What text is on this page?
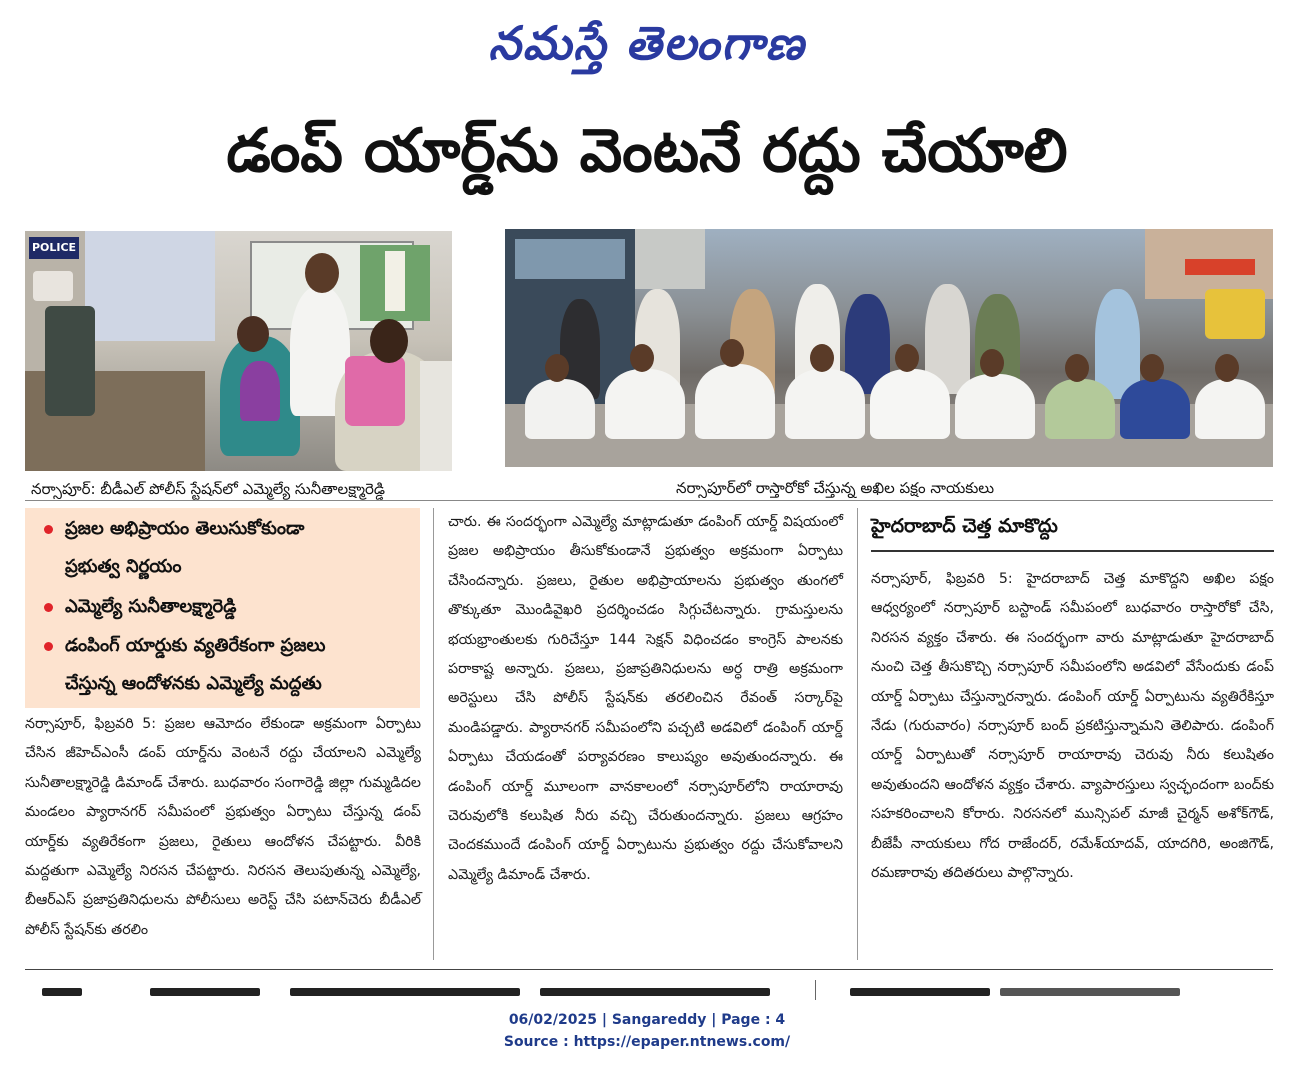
నమస్తే తెలంగాణ
డంప్ యార్డ్‌ను వెంటనే రద్దు చేయాలి
POLICE
నర్సాపూర్: బీడీఎల్ పోలీస్ స్టేషన్‌లో ఎమ్మెల్యే సునీతాలక్ష్మారెడ్డి	నర్సాపూర్‌లో రాస్తారోకో చేస్తున్న అఖిల పక్షం నాయకులు
ప్రజల అభిప్రాయం తెలుసుకోకుండా
ప్రభుత్వ నిర్ణయం
ఎమ్మెల్యే సునీతాలక్ష్మారెడ్డి
డంపింగ్ యార్డుకు వ్యతిరేకంగా ప్రజలు
చేస్తున్న ఆందోళనకు ఎమ్మెల్యే మద్దతు
నర్సాపూర్, ఫిబ్రవరి 5: ప్రజల ఆమోదం లేకుండా అక్రమంగా ఏర్పాటు చేసిన జీహెచ్‌ఎంసీ డంప్ యార్డ్‌ను వెంటనే రద్దు చేయాలని ఎమ్మెల్యే సునీతాలక్ష్మారెడ్డి డిమాండ్ చేశారు. బుధవారం సంగారెడ్డి జిల్లా గుమ్మడిదల మండలం ప్యారానగర్ సమీపంలో ప్రభుత్వం ఏర్పాటు చేస్తున్న డంప్ యార్డ్‌కు వ్యతిరేకంగా ప్రజలు, రైతులు ఆందోళన చేపట్టారు. వీరికి మద్దతుగా ఎమ్మెల్యే నిరసన చేపట్టారు. నిరసన తెలుపుతున్న ఎమ్మెల్యే, బీఆర్‌ఎస్ ప్రజాప్రతినిధులను పోలీసులు అరెస్ట్ చేసి పటాన్‌చెరు బీడీఎల్ పోలీస్ స్టేషన్‌కు తరలిం
చారు. ఈ సందర్భంగా ఎమ్మెల్యే మాట్లాడుతూ డంపింగ్ యార్డ్ విషయంలో ప్రజల అభిప్రాయం తీసుకోకుండానే ప్రభుత్వం అక్రమంగా ఏర్పాటు చేసిందన్నారు. ప్రజలు, రైతుల అభిప్రాయాలను ప్రభుత్వం తుంగలో తొక్కుతూ మొండివైఖరి ప్రదర్శించడం సిగ్గుచేటన్నారు. గ్రామస్తులను భయభ్రాంతులకు గురిచేస్తూ 144 సెక్షన్ విధించడం కాంగ్రెస్ పాలనకు పరాకాష్ట అన్నారు. ప్రజలు, ప్రజాప్రతినిధులను అర్ధ రాత్రి అక్రమంగా అరెస్టులు చేసి పోలీస్ స్టేషన్‌కు తరలించిన రేవంత్ సర్కార్‌పై మండిపడ్డారు. ప్యారానగర్ సమీపంలోని పచ్చటి అడవిలో డంపింగ్ యార్డ్ ఏర్పాటు చేయడంతో పర్యావరణం కాలుష్యం అవుతుందన్నారు. ఈ డంపింగ్ యార్డ్ మూలంగా వానకాలంలో నర్సాపూర్‌లోని రాయారావు చెరువులోకి కలుషిత నీరు వచ్చి చేరుతుందన్నారు. ప్రజలు ఆగ్రహం చెందకముందే డంపింగ్ యార్డ్ ఏర్పాటును ప్రభుత్వం రద్దు చేసుకోవాలని ఎమ్మెల్యే డిమాండ్ చేశారు.
హైదరాబాద్ చెత్త మాకొద్దు
నర్సాపూర్, ఫిబ్రవరి 5: హైదరాబాద్ చెత్త మాకొద్దని అఖిల పక్షం ఆధ్వర్యంలో నర్సాపూర్ బస్టాండ్ సమీపంలో బుధవారం రాస్తారోకో చేసి, నిరసన వ్యక్తం చేశారు. ఈ సందర్భంగా వారు మాట్లాడుతూ హైదరాబాద్ నుంచి చెత్త తీసుకొచ్చి నర్సాపూర్ సమీపంలోని అడవిలో వేసేందుకు డంప్ యార్డ్ ఏర్పాటు చేస్తున్నారన్నారు. డంపింగ్ యార్డ్ ఏర్పాటును వ్యతిరేకిస్తూ నేడు (గురువారం) నర్సాపూర్ బంద్ ప్రకటిస్తున్నామని తెలిపారు. డంపింగ్ యార్డ్ ఏర్పాటుతో నర్సాపూర్ రాయారావు చెరువు నీరు కలుషితం అవుతుందని ఆందోళన వ్యక్తం చేశారు. వ్యాపారస్తులు స్వచ్ఛందంగా బంద్‌కు సహకరించాలని కోరారు. నిరసనలో మున్సిపల్ మాజీ చైర్మన్ అశోక్‌గౌడ్, బీజేపీ నాయకులు గోద రాజేందర్, రమేశ్‌యాదవ్, యాదగిరి, అంజిగౌడ్, రమణారావు తదితరులు పాల్గొన్నారు.
06/02/2025 | Sangareddy | Page : 4
Source : https://epaper.ntnews.com/
